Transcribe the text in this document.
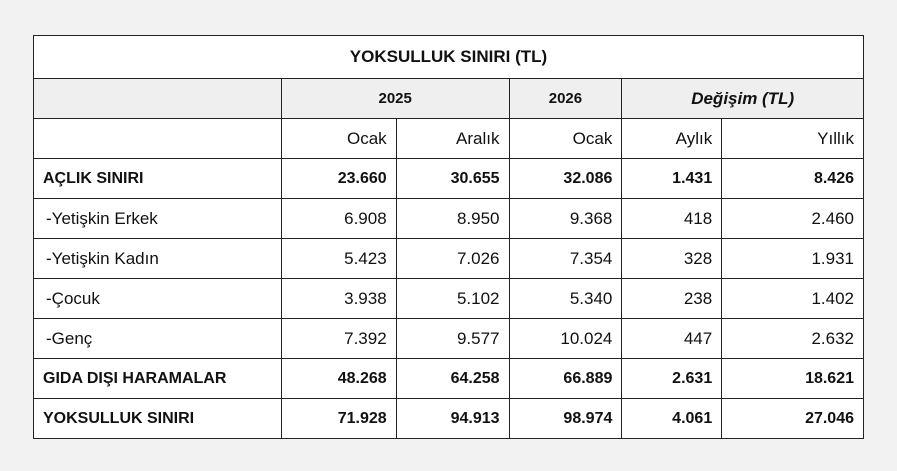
YOKSULLUK SINIRI (TL)					
	2025		2026	Değişim (TL)	
	Ocak	Aralık	Ocak	Aylık	Yıllık
AÇLIK SINIRI	23.660	30.655	32.086	1.431	8.426
-Yetişkin Erkek	6.908	8.950	9.368	418	2.460
-Yetişkin Kadın	5.423	7.026	7.354	328	1.931
-Çocuk	3.938	5.102	5.340	238	1.402
-Genç	7.392	9.577	10.024	447	2.632
GIDA DIŞI HARAMALAR	48.268	64.258	66.889	2.631	18.621
YOKSULLUK SINIRI	71.928	94.913	98.974	4.061	27.046
